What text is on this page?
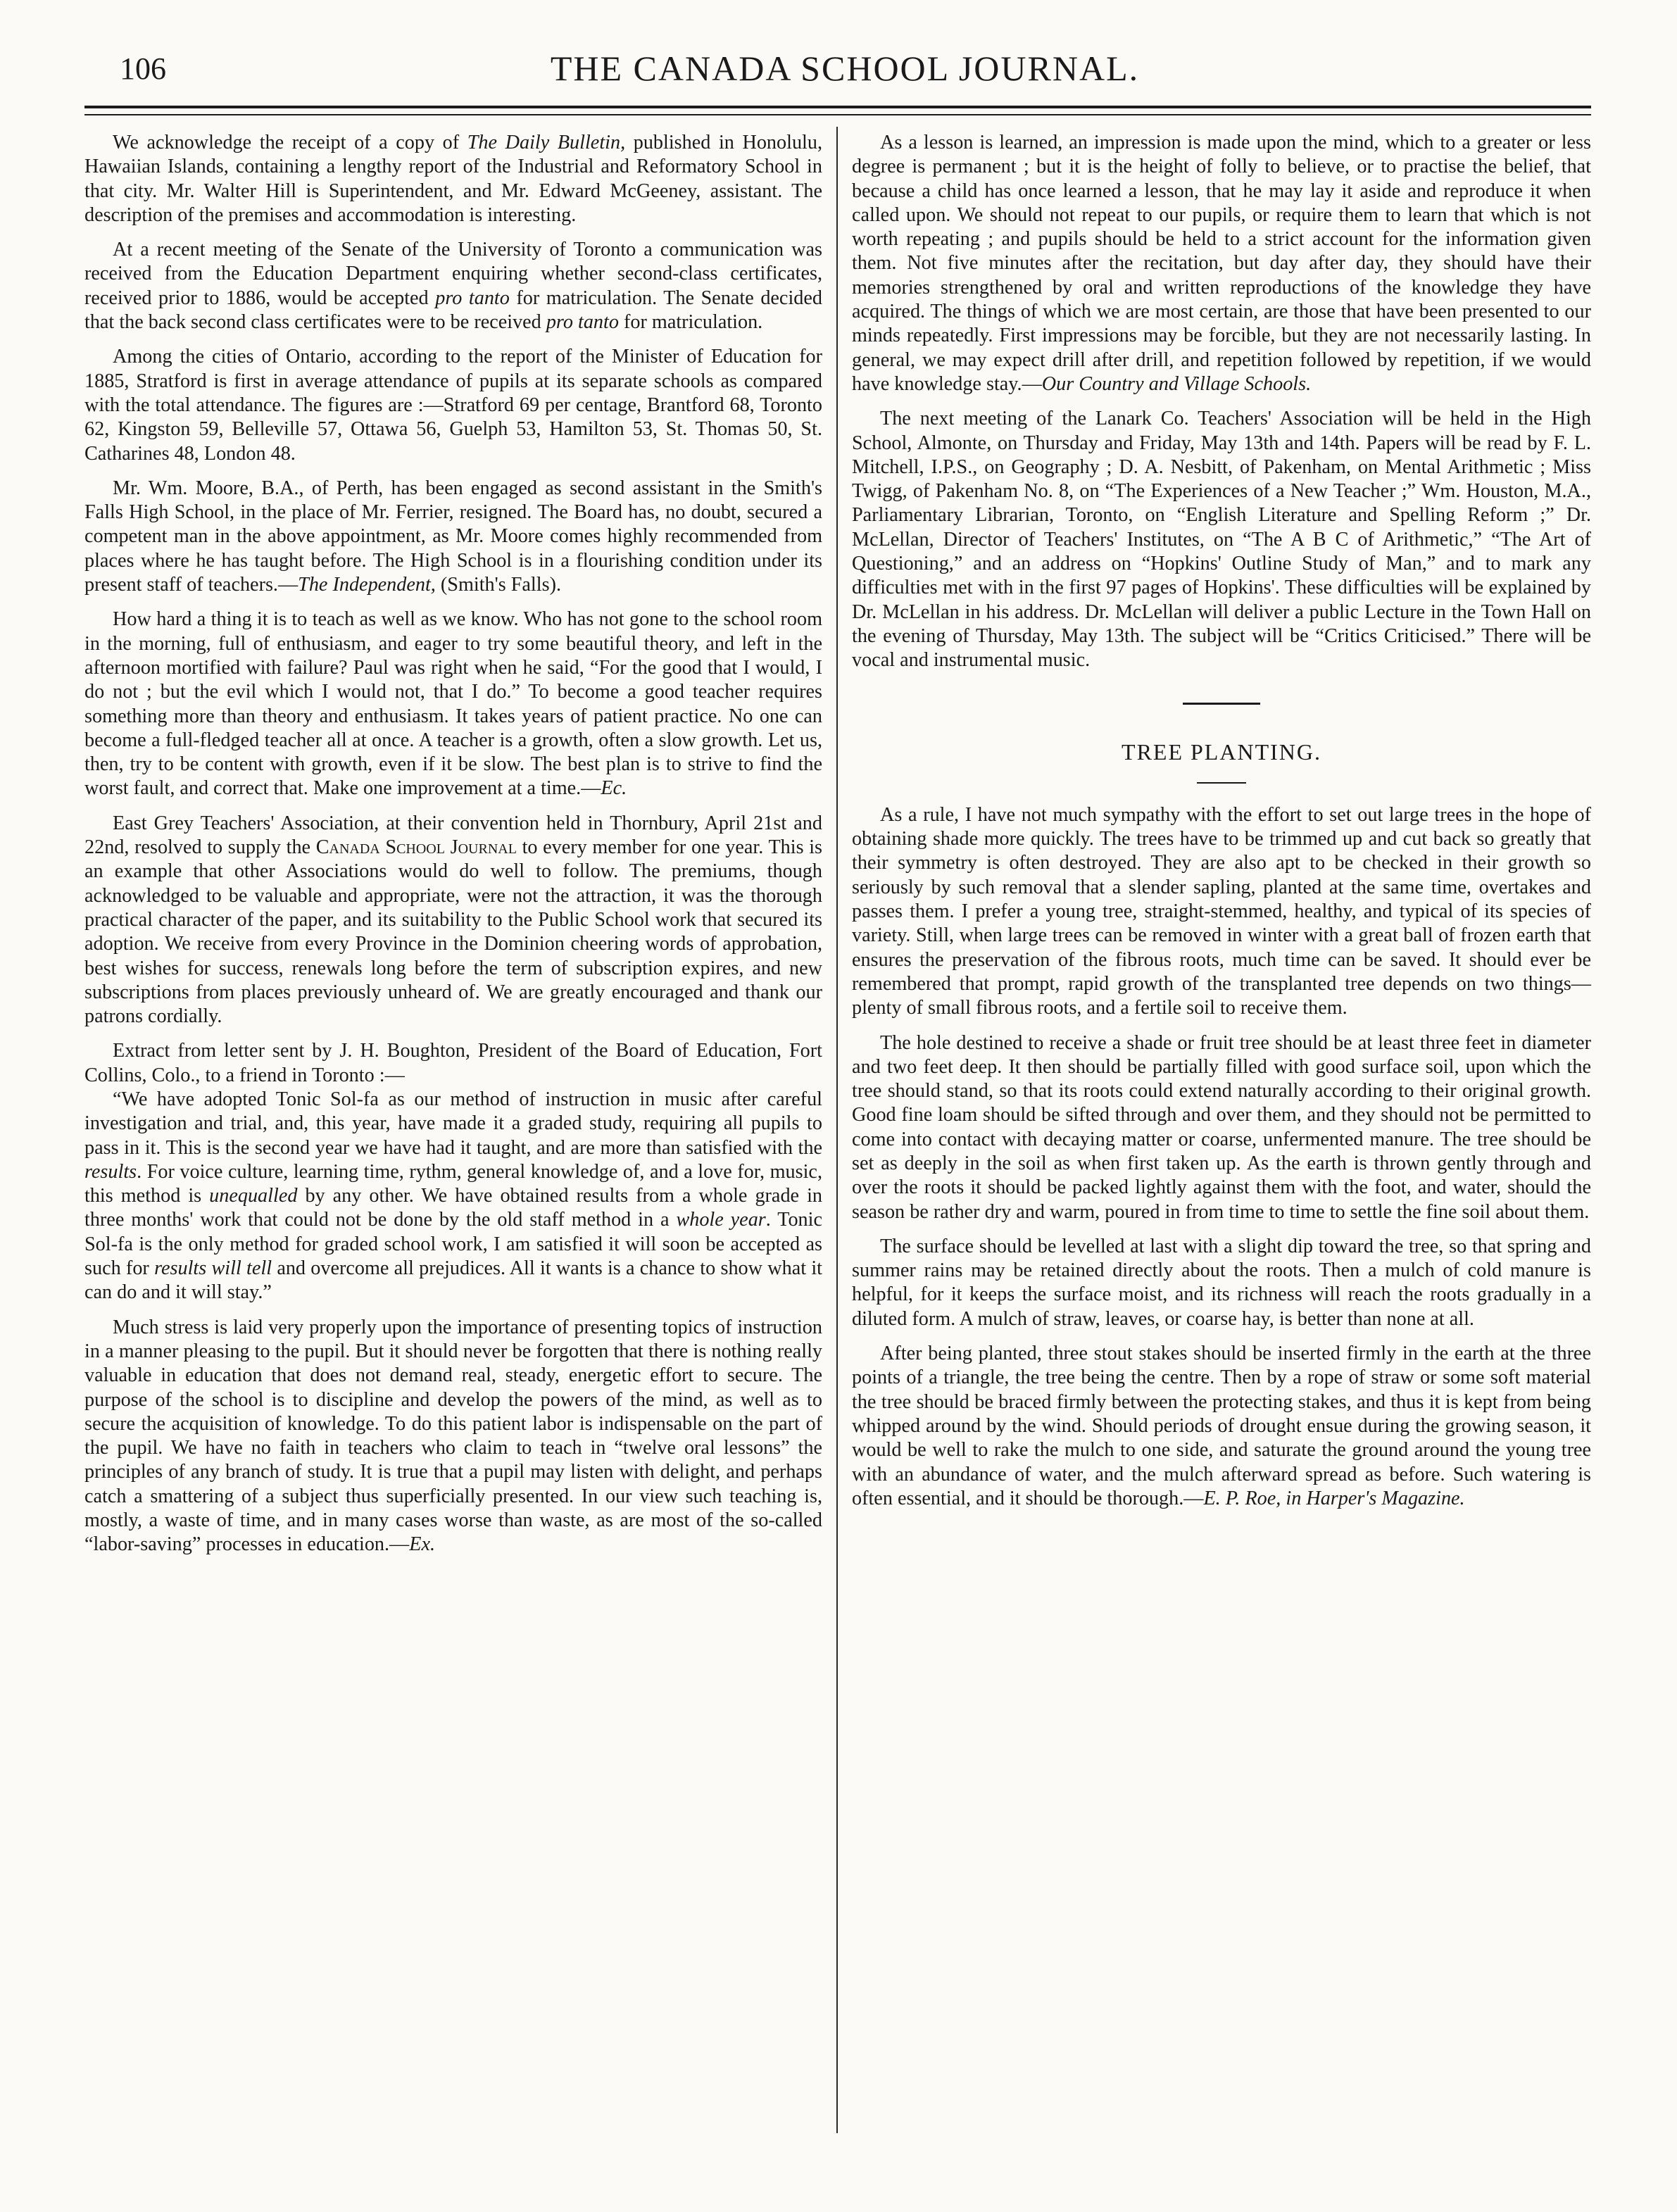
106	THE CANADA SCHOOL JOURNAL.

We acknowledge the receipt of a copy of The Daily Bulletin, published in Honolulu, Hawaiian Islands, containing a lengthy report of the Industrial and Reformatory School in that city. Mr. Walter Hill is Superintendent, and Mr. Edward McGeeney, assistant. The description of the premises and accommodation is interesting.

At a recent meeting of the Senate of the University of Toronto a communication was received from the Education Department enquiring whether second-class certificates, received prior to 1886, would be accepted pro tanto for matriculation. The Senate decided that the back second class certificates were to be received pro tanto for matriculation.

Among the cities of Ontario, according to the report of the Minister of Education for 1885, Stratford is first in average attendance of pupils at its separate schools as compared with the total attendance. The figures are :—Stratford 69 per centage, Brantford 68, Toronto 62, Kingston 59, Belleville 57, Ottawa 56, Guelph 53, Hamilton 53, St. Thomas 50, St. Catharines 48, London 48.

Mr. Wm. Moore, B.A., of Perth, has been engaged as second assistant in the Smith's Falls High School, in the place of Mr. Ferrier, resigned. The Board has, no doubt, secured a competent man in the above appointment, as Mr. Moore comes highly recommended from places where he has taught before. The High School is in a flourishing condition under its present staff of teachers.—The Independent, (Smith's Falls).

How hard a thing it is to teach as well as we know. Who has not gone to the school room in the morning, full of enthusiasm, and eager to try some beautiful theory, and left in the afternoon mortified with failure? Paul was right when he said, “For the good that I would, I do not ; but the evil which I would not, that I do.” To become a good teacher requires something more than theory and enthusiasm. It takes years of patient practice. No one can become a full-fledged teacher all at once. A teacher is a growth, often a slow growth. Let us, then, try to be content with growth, even if it be slow. The best plan is to strive to find the worst fault, and correct that. Make one improvement at a time.—Ec.

East Grey Teachers' Association, at their convention held in Thornbury, April 21st and 22nd, resolved to supply the Canada School Journal to every member for one year. This is an example that other Associations would do well to follow. The premiums, though acknowledged to be valuable and appropriate, were not the attraction, it was the thorough practical character of the paper, and its suitability to the Public School work that secured its adoption. We receive from every Province in the Dominion cheering words of approbation, best wishes for success, renewals long before the term of subscription expires, and new subscriptions from places previously unheard of. We are greatly encouraged and thank our patrons cordially.

Extract from letter sent by J. H. Boughton, President of the Board of Education, Fort Collins, Colo., to a friend in Toronto :—

“We have adopted Tonic Sol-fa as our method of instruction in music after careful investigation and trial, and, this year, have made it a graded study, requiring all pupils to pass in it. This is the second year we have had it taught, and are more than satisfied with the results. For voice culture, learning time, rythm, general knowledge of, and a love for, music, this method is unequalled by any other. We have obtained results from a whole grade in three months' work that could not be done by the old staff method in a whole year. Tonic Sol-fa is the only method for graded school work, I am satisfied it will soon be accepted as such for results will tell and overcome all prejudices. All it wants is a chance to show what it can do and it will stay.”

Much stress is laid very properly upon the importance of presenting topics of instruction in a manner pleasing to the pupil. But it should never be forgotten that there is nothing really valuable in education that does not demand real, steady, energetic effort to secure. The purpose of the school is to discipline and develop the powers of the mind, as well as to secure the acquisition of knowledge. To do this patient labor is indispensable on the part of the pupil. We have no faith in teachers who claim to teach in “twelve oral lessons” the principles of any branch of study. It is true that a pupil may listen with delight, and perhaps catch a smattering of a subject thus superficially presented. In our view such teaching is, mostly, a waste of time, and in many cases worse than waste, as are most of the so-called “labor-saving” processes in education.—Ex.

As a lesson is learned, an impression is made upon the mind, which to a greater or less degree is permanent ; but it is the height of folly to believe, or to practise the belief, that because a child has once learned a lesson, that he may lay it aside and reproduce it when called upon. We should not repeat to our pupils, or require them to learn that which is not worth repeating ; and pupils should be held to a strict account for the information given them. Not five minutes after the recitation, but day after day, they should have their memories strengthened by oral and written reproductions of the knowledge they have acquired. The things of which we are most certain, are those that have been presented to our minds repeatedly. First impressions may be forcible, but they are not necessarily lasting. In general, we may expect drill after drill, and repetition followed by repetition, if we would have knowledge stay.—Our Country and Village Schools.

The next meeting of the Lanark Co. Teachers' Association will be held in the High School, Almonte, on Thursday and Friday, May 13th and 14th. Papers will be read by F. L. Mitchell, I.P.S., on Geography ; D. A. Nesbitt, of Pakenham, on Mental Arithmetic ; Miss Twigg, of Pakenham No. 8, on “The Experiences of a New Teacher ;” Wm. Houston, M.A., Parliamentary Librarian, Toronto, on “English Literature and Spelling Reform ;” Dr. McLellan, Director of Teachers' Institutes, on “The A B C of Arithmetic,” “The Art of Questioning,” and an address on “Hopkins' Outline Study of Man,” and to mark any difficulties met with in the first 97 pages of Hopkins'. These difficulties will be explained by Dr. McLellan in his address. Dr. McLellan will deliver a public Lecture in the Town Hall on the evening of Thursday, May 13th. The subject will be “Critics Criticised.” There will be vocal and instrumental music.

TREE PLANTING.

As a rule, I have not much sympathy with the effort to set out large trees in the hope of obtaining shade more quickly. The trees have to be trimmed up and cut back so greatly that their symmetry is often destroyed. They are also apt to be checked in their growth so seriously by such removal that a slender sapling, planted at the same time, overtakes and passes them. I prefer a young tree, straight-stemmed, healthy, and typical of its species of variety. Still, when large trees can be removed in winter with a great ball of frozen earth that ensures the preservation of the fibrous roots, much time can be saved. It should ever be remembered that prompt, rapid growth of the transplanted tree depends on two things—plenty of small fibrous roots, and a fertile soil to receive them.

The hole destined to receive a shade or fruit tree should be at least three feet in diameter and two feet deep. It then should be partially filled with good surface soil, upon which the tree should stand, so that its roots could extend naturally according to their original growth. Good fine loam should be sifted through and over them, and they should not be permitted to come into contact with decaying matter or coarse, unfermented manure. The tree should be set as deeply in the soil as when first taken up. As the earth is thrown gently through and over the roots it should be packed lightly against them with the foot, and water, should the season be rather dry and warm, poured in from time to time to settle the fine soil about them.

The surface should be levelled at last with a slight dip toward the tree, so that spring and summer rains may be retained directly about the roots. Then a mulch of cold manure is helpful, for it keeps the surface moist, and its richness will reach the roots gradually in a diluted form. A mulch of straw, leaves, or coarse hay, is better than none at all.

After being planted, three stout stakes should be inserted firmly in the earth at the three points of a triangle, the tree being the centre. Then by a rope of straw or some soft material the tree should be braced firmly between the protecting stakes, and thus it is kept from being whipped around by the wind. Should periods of drought ensue during the growing season, it would be well to rake the mulch to one side, and saturate the ground around the young tree with an abundance of water, and the mulch afterward spread as before. Such watering is often essential, and it should be thorough.—E. P. Roe, in Harper's Magazine.
